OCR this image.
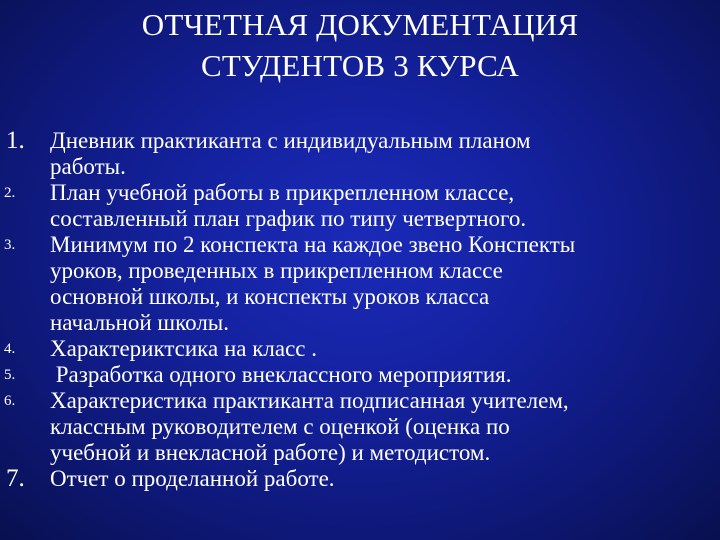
ОТЧЕТНАЯ ДОКУМЕНТАЦИЯ
СТУДЕНТОВ 3 КУРСА
1.	Дневник практиканта с индивидуальным планом
работы.
2.	План учебной работы в прикрепленном классе,
составленный план график по типу четвертного.
3.	Минимум по 2 конспекта на каждое звено Конспекты
уроков, проведенных в прикрепленном классе
основной школы, и конспекты уроков класса
начальной школы.
4.	Характериктсика на класс .
5.	Разработка одного внеклассного мероприятия.
6.	Характеристика практиканта подписанная учителем,
классным руководителем с оценкой (оценка по
учебной и внекласной работе) и методистом.
7.	Отчет о проделанной работе.
